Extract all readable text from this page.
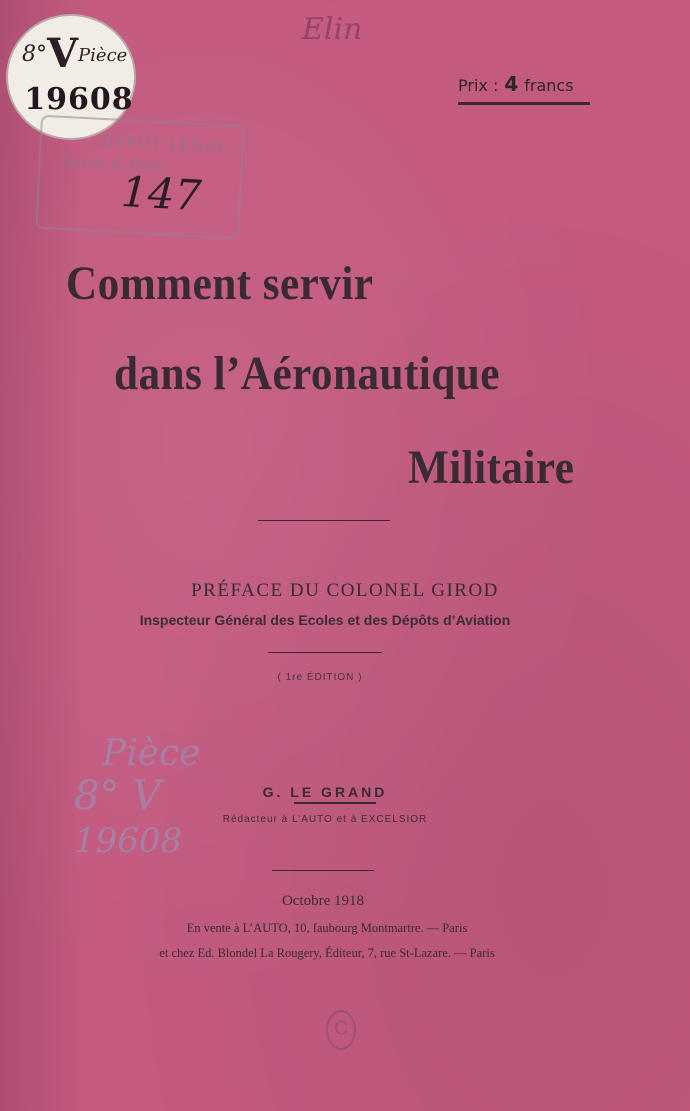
8°VPièce
19608
Elin
Prix : 4 francs
DÉPÔT LÉGAL
Seine & Oise
147
Comment servir
dans l’Aéronautique
Militaire
PRÉFACE DU COLONEL GIROD
Inspecteur Général des Ecoles et des Dépôts d’Aviation
( 1re ÉDITION )
Pièce
8° V
19608
G. LE GRAND
Rédacteur à L’AUTO et à EXCELSIOR
Octobre 1918
En vente à L’AUTO, 10, faubourg Montmartre. — Paris
et chez Ed. Blondel La Rougery, Éditeur, 7, rue St-Lazare. — Paris
C
